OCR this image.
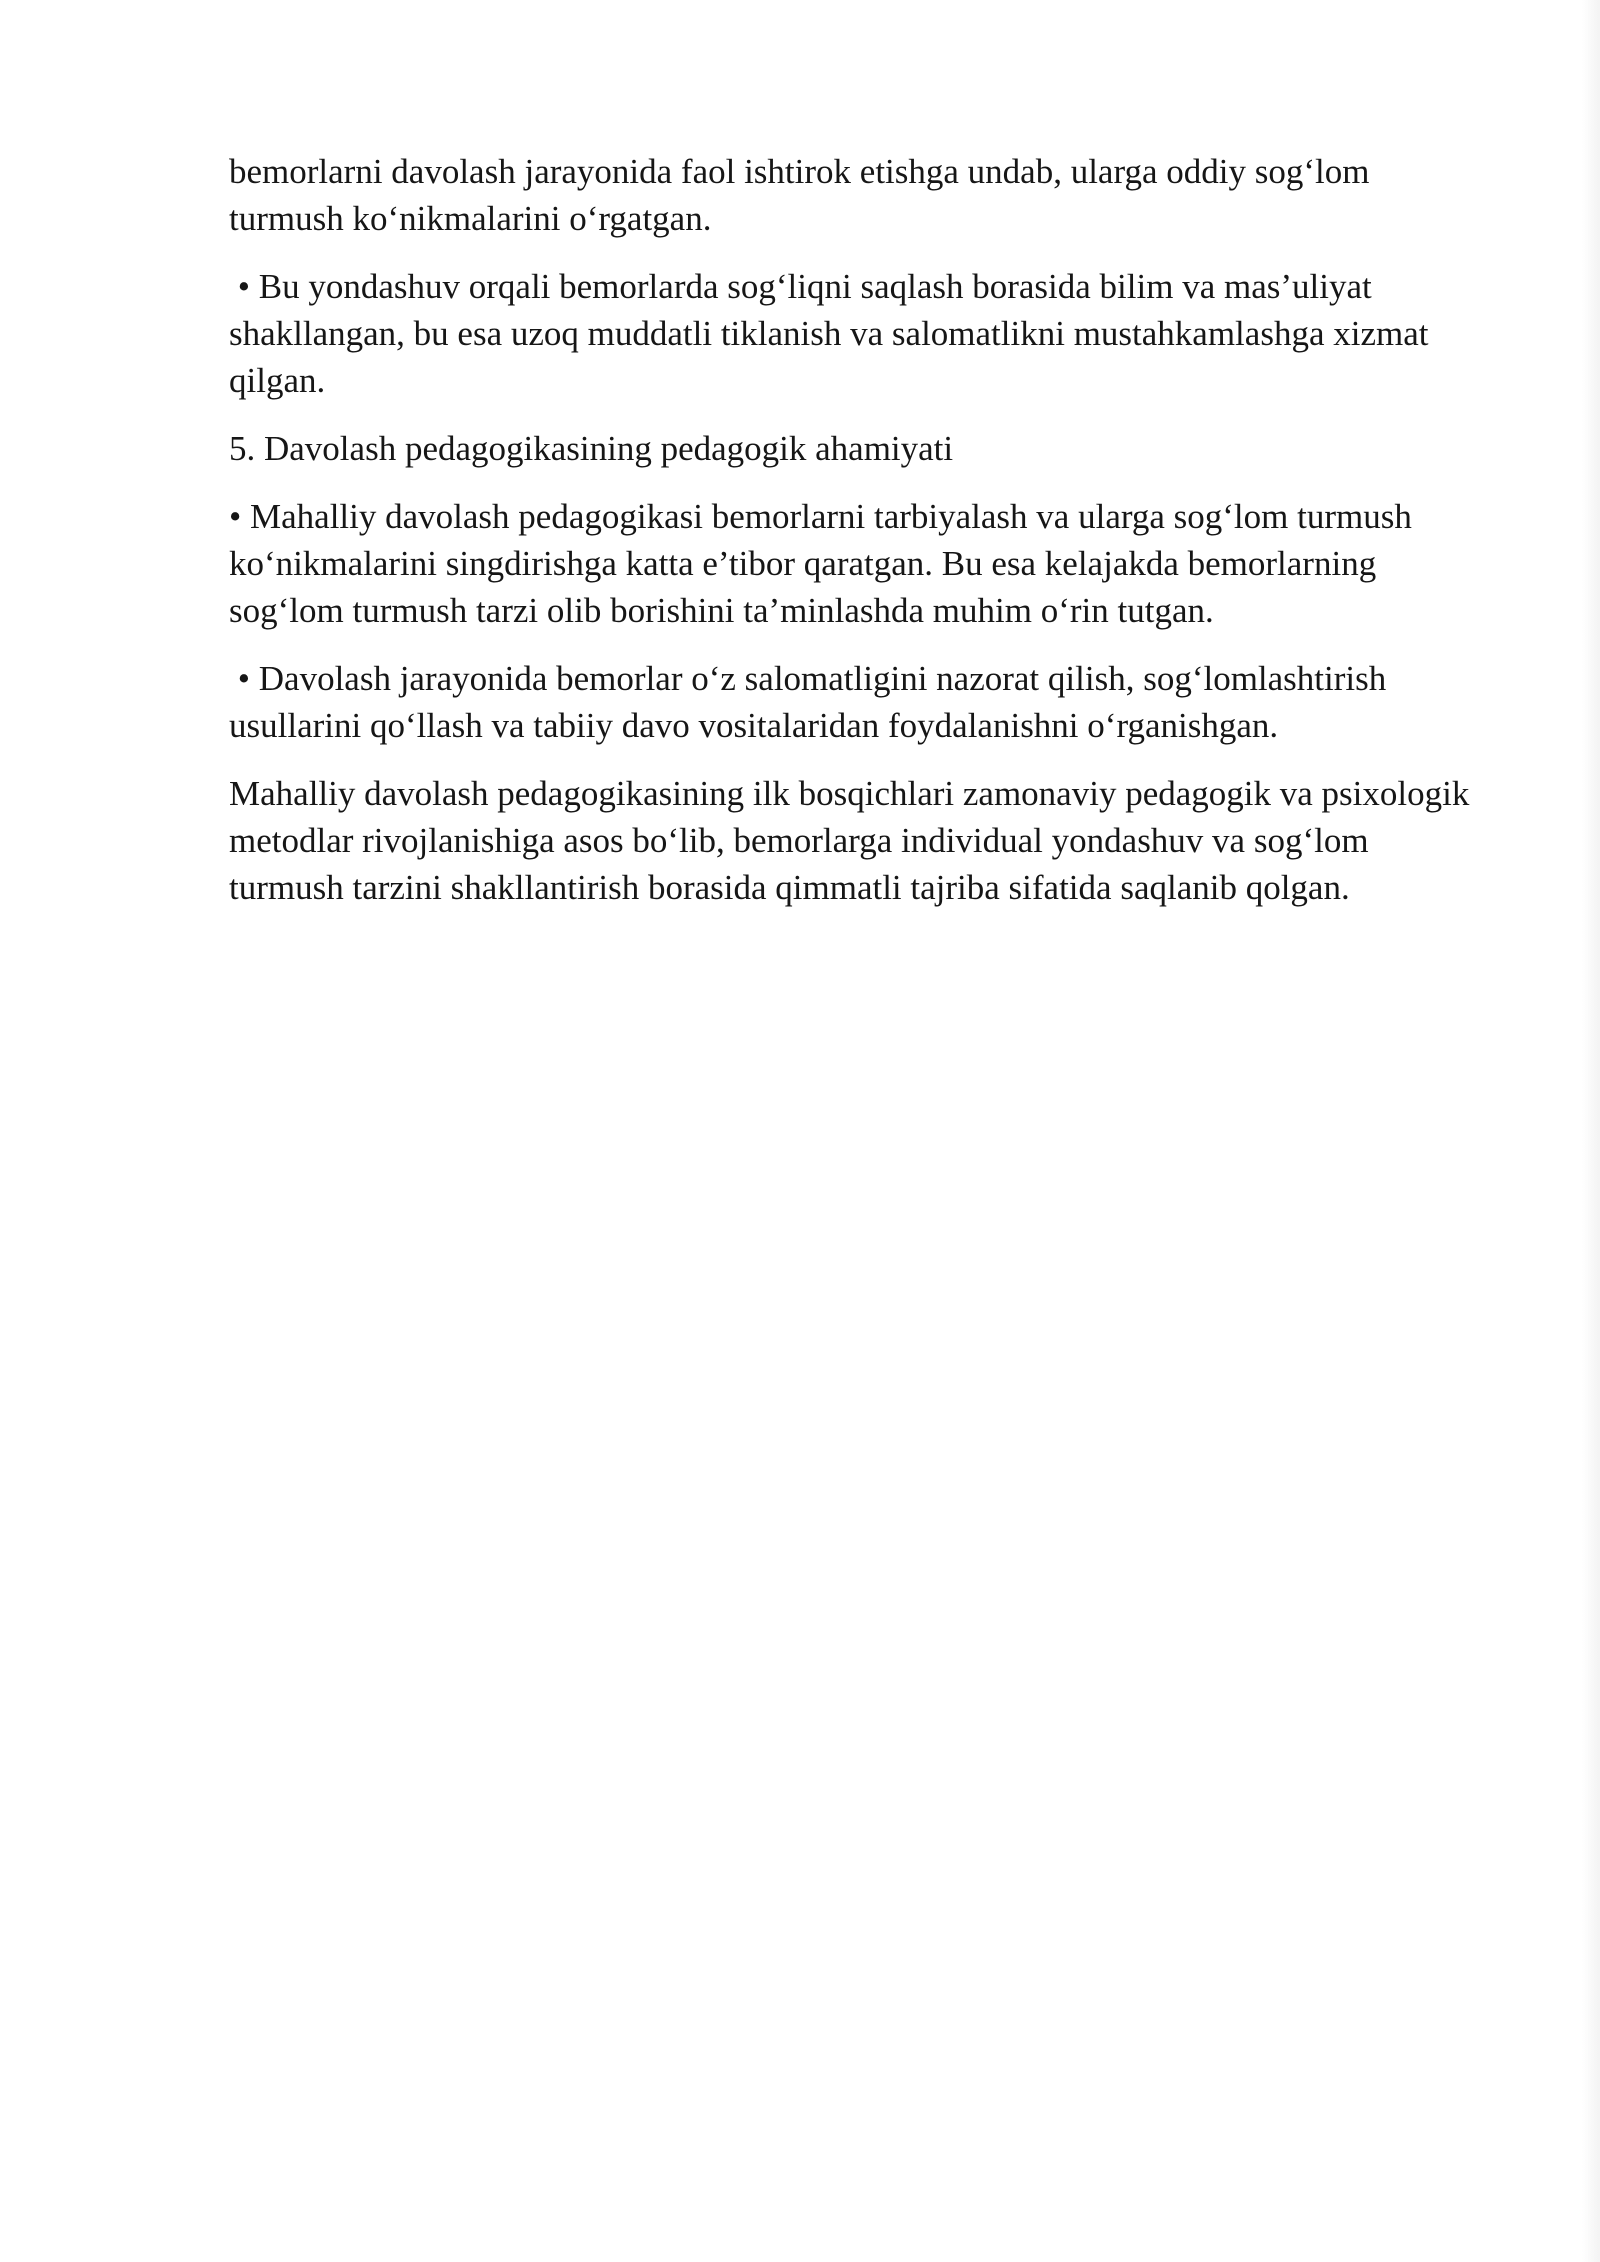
bemorlarni davolash jarayonida faol ishtirok etishga undab, ularga oddiy sog‘lom turmush ko‘nikmalarini o‘rgatgan.

• Bu yondashuv orqali bemorlarda sog‘liqni saqlash borasida bilim va mas’uliyat shakllangan, bu esa uzoq muddatli tiklanish va salomatlikni mustahkamlashga xizmat qilgan.

5. Davolash pedagogikasining pedagogik ahamiyati

• Mahalliy davolash pedagogikasi bemorlarni tarbiyalash va ularga sog‘lom turmush ko‘nikmalarini singdirishga katta e’tibor qaratgan. Bu esa kelajakda bemorlarning sog‘lom turmush tarzi olib borishini ta’minlashda muhim o‘rin tutgan.

• Davolash jarayonida bemorlar o‘z salomatligini nazorat qilish, sog‘lomlashtirish usullarini qo‘llash va tabiiy davo vositalaridan foydalanishni o‘rganishgan.

Mahalliy davolash pedagogikasining ilk bosqichlari zamonaviy pedagogik va psixologik metodlar rivojlanishiga asos bo‘lib, bemorlarga individual yondashuv va sog‘lom turmush tarzini shakllantirish borasida qimmatli tajriba sifatida saqlanib qolgan.
